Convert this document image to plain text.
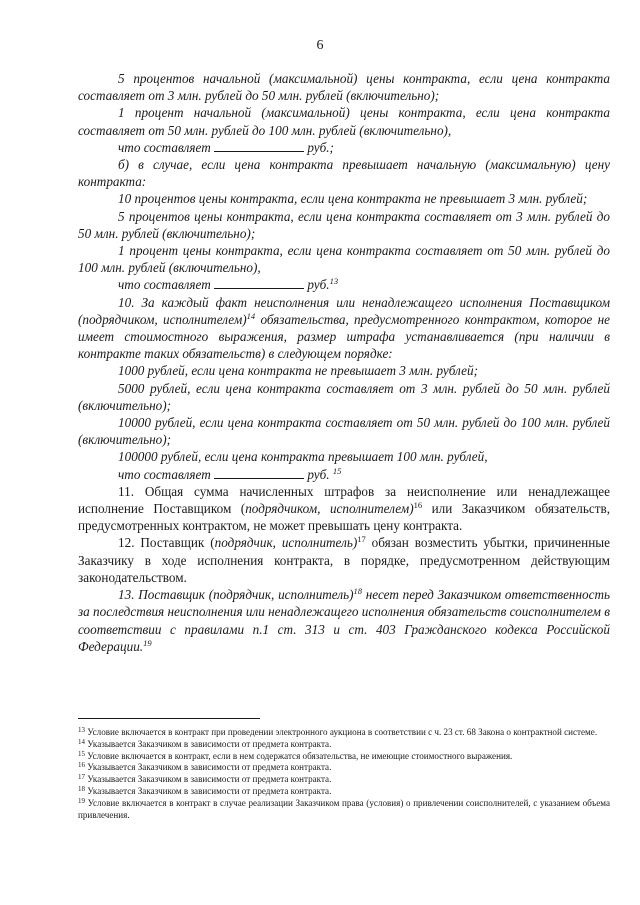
6

5 процентов начальной (максимальной) цены контракта, если цена контракта составляет от 3 млн. рублей до 50 млн. рублей (включительно);

1 процент начальной (максимальной) цены контракта, если цена контракта составляет от 50 млн. рублей до 100 млн. рублей (включительно),

что составляет	руб.;

б) в случае, если цена контракта превышает начальную (максимальную) цену контракта:

10 процентов цены контракта, если цена контракта не превышает 3 млн. рублей;

5 процентов цены контракта, если цена контракта составляет от 3 млн. рублей до 50 млн. рублей (включительно);

1 процент цены контракта, если цена контракта составляет от 50 млн. рублей до 100 млн. рублей (включительно),

что составляет	руб.$^{13}$

10. За каждый факт неисполнения или ненадлежащего исполнения Поставщиком (подрядчиком, исполнителем)$^{14}$ обязательства, предусмотренного контрактом, которое не имеет стоимостного выражения, размер штрафа устанавливается (при наличии в контракте таких обязательств) в следующем порядке:

1000 рублей, если цена контракта не превышает 3 млн. рублей;

5000 рублей, если цена контракта составляет от 3 млн. рублей до 50 млн. рублей (включительно);

10000 рублей, если цена контракта составляет от 50 млн. рублей до 100 млн. рублей (включительно);

100000 рублей, если цена контракта превышает 100 млн. рублей,

что составляет	руб. $^{15}$

11. Общая сумма начисленных штрафов за неисполнение или ненадлежащее исполнение Поставщиком (подрядчиком, исполнителем)$^{16}$ или Заказчиком обязательств, предусмотренных контрактом, не может превышать цену контракта.

12. Поставщик (подрядчик, исполнитель)$^{17}$ обязан возместить убытки, причиненные Заказчику в ходе исполнения контракта, в порядке, предусмотренном действующим законодательством.

13. Поставщик (подрядчик, исполнитель)$^{18}$ несет перед Заказчиком ответственность за последствия неисполнения или ненадлежащего исполнения обязательств соисполнителем в соответствии с правилами п.1 ст. 313 и ст. 403 Гражданского кодекса Российской Федерации.$^{19}$

$^{13}$ Условие включается в контракт при проведении электронного аукциона в соответствии с ч. 23 ст. 68 Закона о контрактной системе.

$^{14}$ Указывается Заказчиком в зависимости от предмета контракта.

$^{15}$ Условие включается в контракт, если в нем содержатся обязательства, не имеющие стоимостного выражения.

$^{16}$ Указывается Заказчиком в зависимости от предмета контракта.

$^{17}$ Указывается Заказчиком в зависимости от предмета контракта.

$^{18}$ Указывается Заказчиком в зависимости от предмета контракта.

$^{19}$ Условие включается в контракт в случае реализации Заказчиком права (условия) о привлечении соисполнителей, с указанием объема привлечения.
